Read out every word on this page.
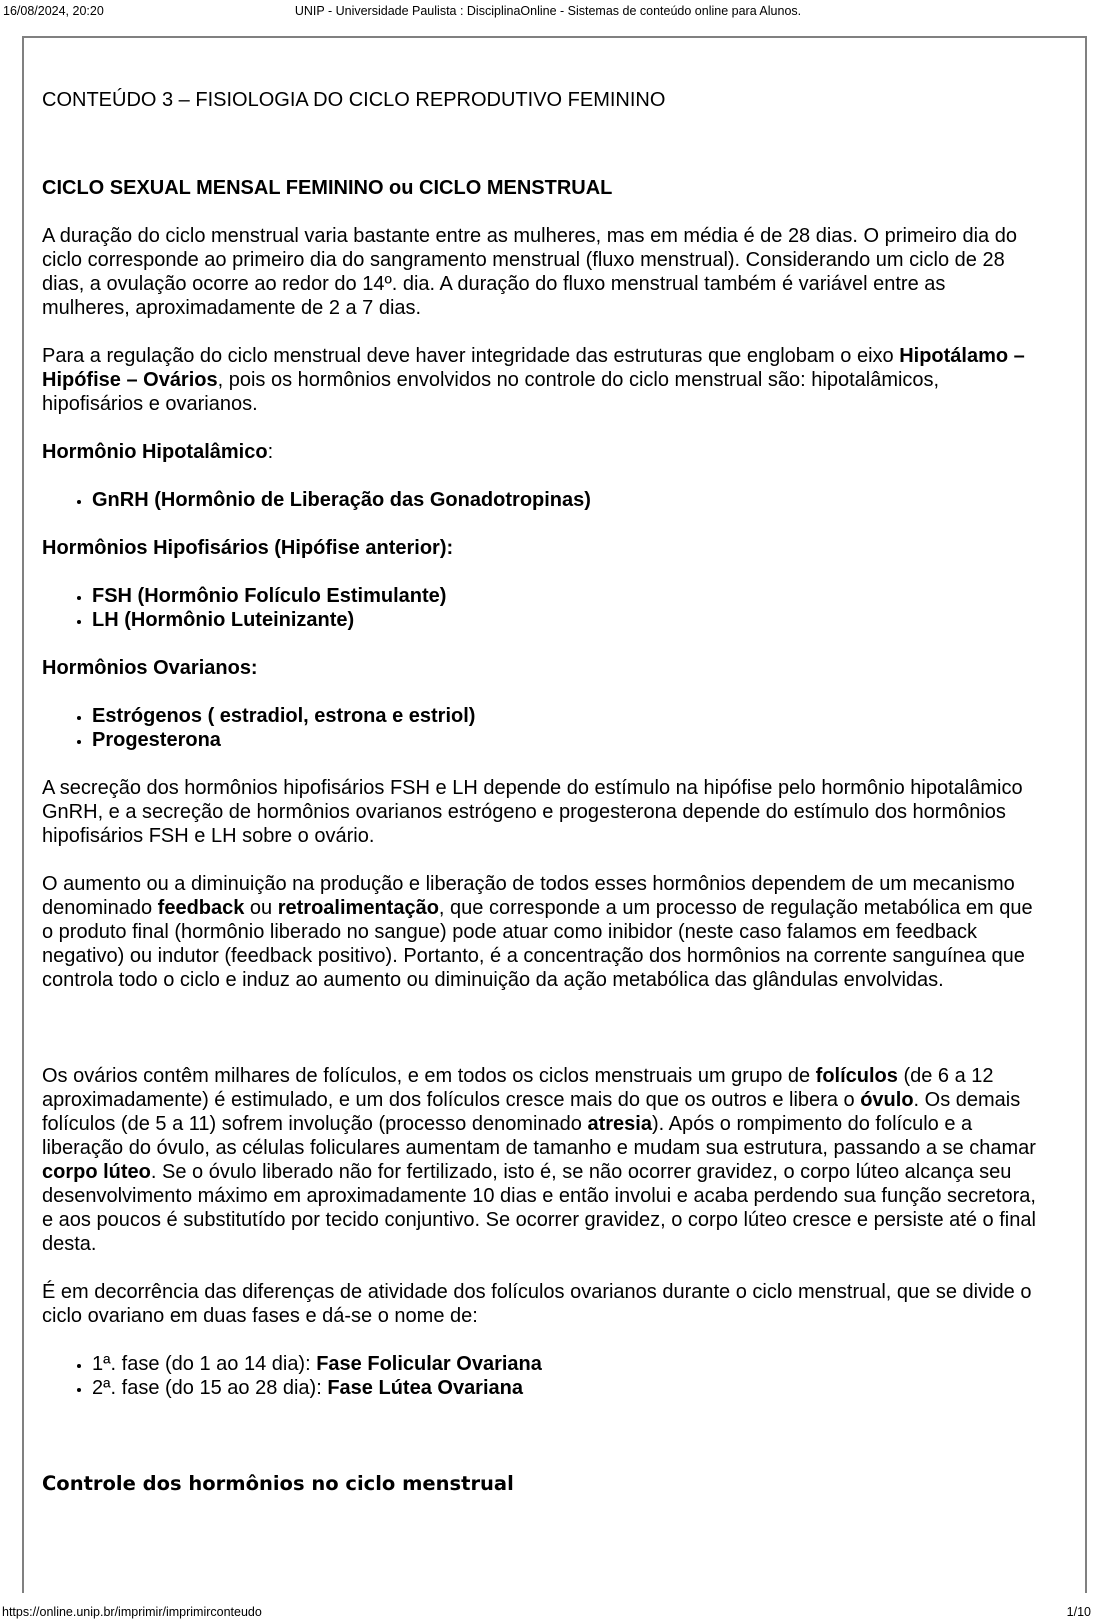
16/08/2024, 20:20	UNIP - Universidade Paulista : DisciplinaOnline - Sistemas de conteúdo online para Alunos.
CONTEÚDO 3 – FISIOLOGIA DO CICLO REPRODUTIVO FEMININO
CICLO SEXUAL MENSAL FEMININO ou CICLO MENSTRUAL
A duração do ciclo menstrual varia bastante entre as mulheres, mas em média é de 28 dias. O primeiro dia do ciclo corresponde ao primeiro dia do sangramento menstrual (fluxo menstrual). Considerando um ciclo de 28 dias, a ovulação ocorre ao redor do 14º. dia. A duração do fluxo menstrual também é variável entre as mulheres, aproximadamente de 2 a 7 dias.
Para a regulação do ciclo menstrual deve haver integridade das estruturas que englobam o eixo Hipotálamo – Hipófise – Ovários, pois os hormônios envolvidos no controle do ciclo menstrual são: hipotalâmicos, hipofisários e ovarianos.
Hormônio Hipotalâmico:
• GnRH (Hormônio de Liberação das Gonadotropinas)
Hormônios Hipofisários (Hipófise anterior):
• FSH (Hormônio Folículo Estimulante)
• LH (Hormônio Luteinizante)
Hormônios Ovarianos:
• Estrógenos ( estradiol, estrona e estriol)
• Progesterona
A secreção dos hormônios hipofisários FSH e LH depende do estímulo na hipófise pelo hormônio hipotalâmico GnRH, e a secreção de hormônios ovarianos estrógeno e progesterona depende do estímulo dos hormônios hipofisários FSH e LH sobre o ovário.
O aumento ou a diminuição na produção e liberação de todos esses hormônios dependem de um mecanismo denominado feedback ou retroalimentação, que corresponde a um processo de regulação metabólica em que o produto final (hormônio liberado no sangue) pode atuar como inibidor (neste caso falamos em feedback negativo) ou indutor (feedback positivo). Portanto, é a concentração dos hormônios na corrente sanguínea que controla todo o ciclo e induz ao aumento ou diminuição da ação metabólica das glândulas envolvidas.
Os ovários contêm milhares de folículos, e em todos os ciclos menstruais um grupo de folículos (de 6 a 12 aproximadamente) é estimulado, e um dos folículos cresce mais do que os outros e libera o óvulo. Os demais folículos (de 5 a 11) sofrem involução (processo denominado atresia). Após o rompimento do folículo e a liberação do óvulo, as células foliculares aumentam de tamanho e mudam sua estrutura, passando a se chamar corpo lúteo. Se o óvulo liberado não for fertilizado, isto é, se não ocorrer gravidez, o corpo lúteo alcança seu desenvolvimento máximo em aproximadamente 10 dias e então involui e acaba perdendo sua função secretora, e aos poucos é substitutído por tecido conjuntivo. Se ocorrer gravidez, o corpo lúteo cresce e persiste até o final desta.
É em decorrência das diferenças de atividade dos folículos ovarianos durante o ciclo menstrual, que se divide o ciclo ovariano em duas fases e dá-se o nome de:
• 1ª. fase (do 1 ao 14 dia): Fase Folicular Ovariana
• 2ª. fase (do 15 ao 28 dia): Fase Lútea Ovariana
Controle dos hormônios no ciclo menstrual
https://online.unip.br/imprimir/imprimirconteudo	1/10
